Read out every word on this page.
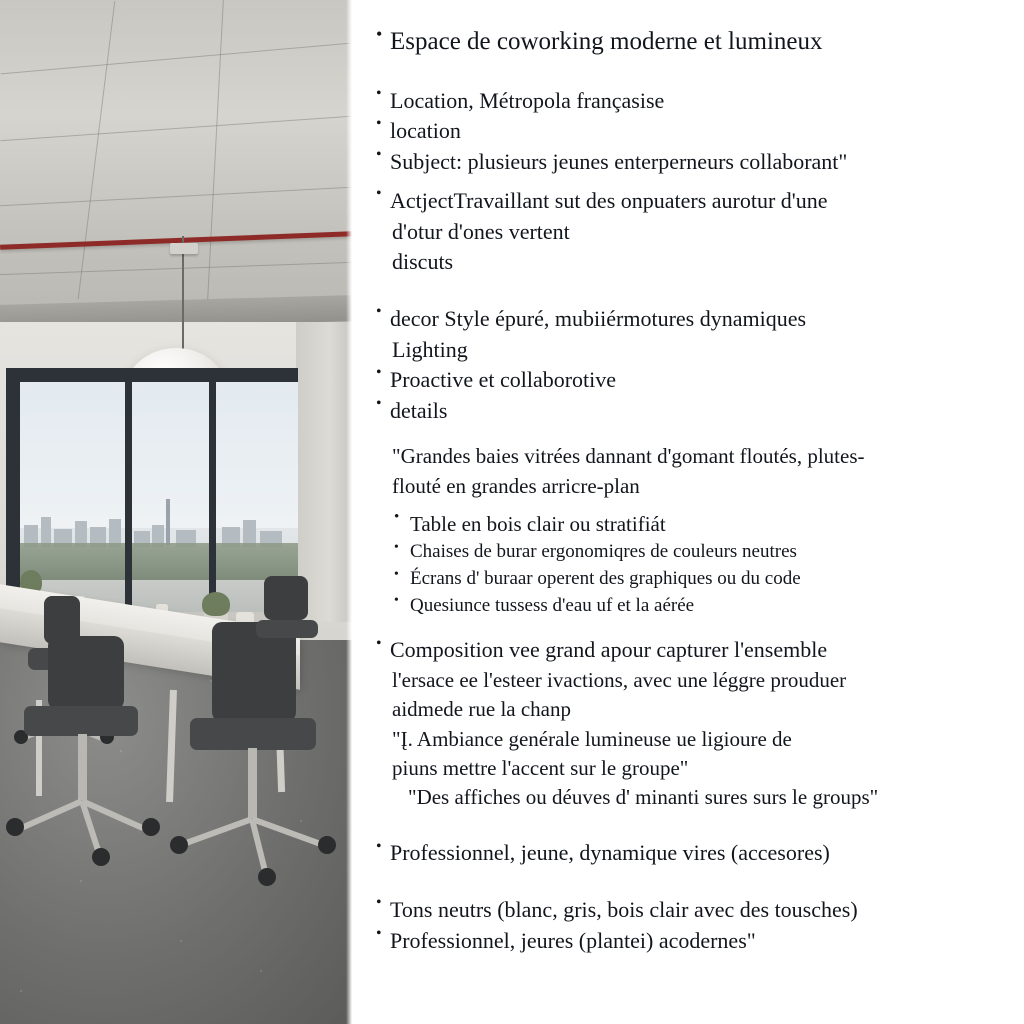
• Espace de coworking moderne et lumineux
• Location, Métropola françasise
• location
• Subject: plusieurs jeunes enterperneurs collaborant"
• ActjectTravaillant sut des onpuaters aurotur d'une
d'otur d'ones vertent
discuts
• decor Style épuré, mubiiérmotures dynamiques
Lighting
• Proactive et collaborotive
• details
"Grandes baies vitrées dannant d'gomant floutés, plutes-
flouté en grandes arricre-plan
• Table en bois clair ou stratifiát
• Chaises de burar ergonomiqres de couleurs neutres
• Écrans d' buraar operent des graphiques ou du code
• Quesiunce tussess d'eau uf et la aérée
• Composition vee grand apour capturer l'ensemble
l'ersace ee l'esteer ivactions, avec une léggre prouduer
aidmede rue la chanp
"Į. Ambiance genérale lumineuse ue ligioure de
piuns mettre l'accent sur le groupe"
"Des affiches ou déuves d' minanti sures surs le groups"
• Professionnel, jeune, dynamique vires (accesores)
• Tons neutrs (blanc, gris, bois clair avec des tousches)
• Professionnel, jeures (plantei) acodernes"
